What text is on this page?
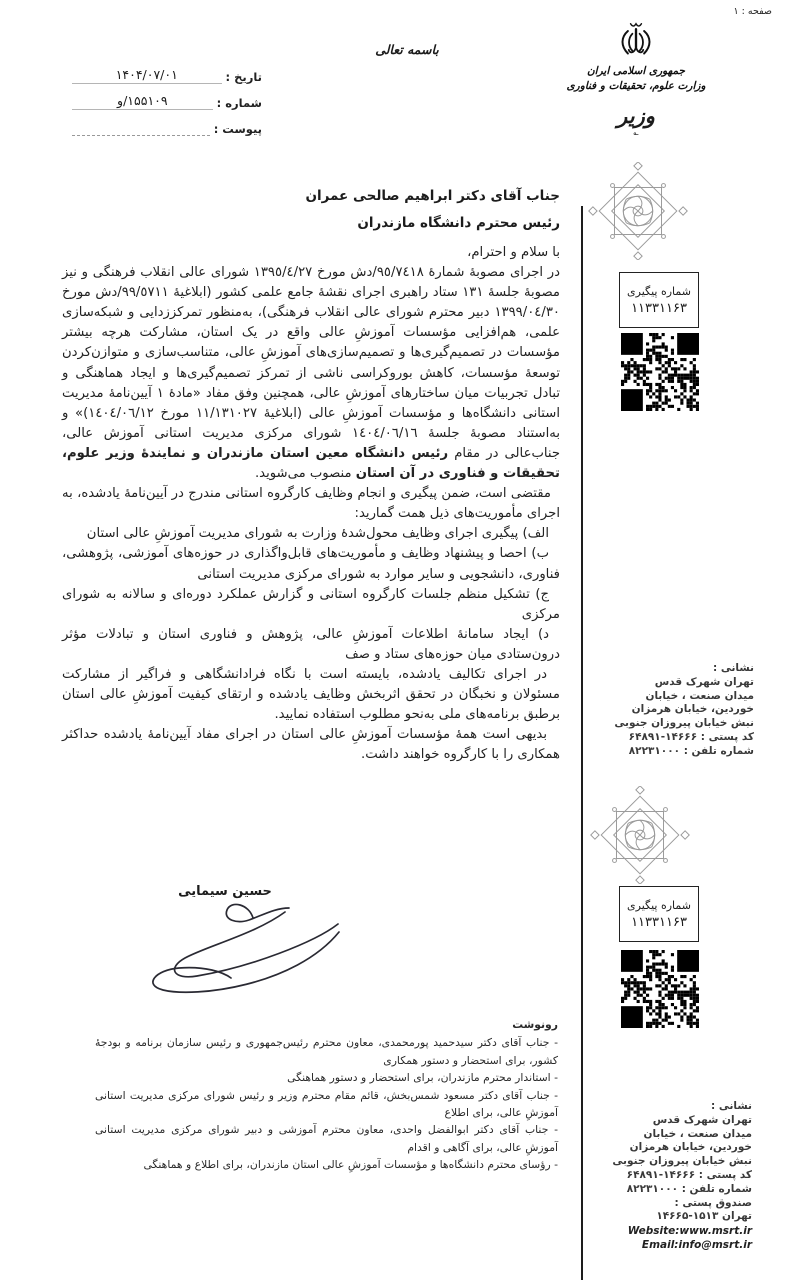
صفحه : ۱
باسمه تعالی
تاریخ :
۱۴۰۴/۰۷/۰۱
شماره :
۱۵۵۱۰۹/و
پیوست :
جمهوری اسلامی ایران
وزارت علوم، تحقیقات و فناوری
وزیر
؎
شماره پیگیری
۱۱۳۳۱۱۶۳
نشانی :
تهران شهرک قدس
میدان صنعت ، خیابان
خوردین، خیابان هرمزان
نبش خیابان پیروزان جنوبی
کد پستی : ۱۴۶۶۶-۶۴۸۹۱
شماره تلفن : ۸۲۲۳۱۰۰۰
شماره پیگیری
۱۱۳۳۱۱۶۳
نشانی :
تهران شهرک قدس
میدان صنعت ، خیابان
خوردین، خیابان هرمزان
نبش خیابان پیروزان جنوبی
کد پستی : ۱۴۶۶۶-۶۴۸۹۱
شماره تلفن : ۸۲۲۳۱۰۰۰
صندوق پستی :
تهران ۱۵۱۳-۱۴۶۶۵
Website:www.msrt.ir
Email:info@msrt.ir
جناب آقای دکتر ابراهیم صالحی عمران
رئیس محترم دانشگاه مازندران

با سلام و احترام،

در اجرای مصوبهٔ شمارهٔ ٩٥/٧٤١٨/دش مورخ ١٣٩٥/٤/٢٧ شورای عالی انقلاب فرهنگی و نیز مصوبهٔ جلسهٔ ١٣١ ستاد راهبری اجرای نقشهٔ جامع علمی کشور (ابلاغیهٔ ٩٩/٥٧١١/دش مورخ ١٣٩٩/٠٤/٣٠ دبیر محترم شورای عالی انقلاب فرهنگی)، به‌منظور تمرکززدایی و شبکه‌سازی علمی، هم‌افزایی مؤسسات آموزشِ عالی واقع در یک استان، مشارکت هرچه بیشتر مؤسسات در تصمیم‌گیری‌ها و تصمیم‌سازی‌های آموزشِ عالی، متناسب‌سازی و متوازن‌کردن توسعهٔ مؤسسات، کاهش بوروکراسی ناشی از تمرکز تصمیم‌گیری‌ها و ایجاد هماهنگی و تبادل تجربیات میان ساختارهای آموزشِ عالی، همچنین وفق مفاد «مادهٔ ١ آیین‌نامهٔ مدیریت استانی دانشگاه‌ها و مؤسسات آموزشِ عالی (ابلاغیهٔ ١١/١٣١٠٢٧ مورخ ١٤٠٤/٠٦/١٢)» و به‌استناد مصوبهٔ جلسهٔ ١٤٠٤/٠٦/١٦ شورای مرکزی مدیریت استانی آموزش عالی، جناب‌عالی در مقام رئیس دانشگاه معین استان مازندران و نمایندهٔ وزیر علوم، تحقیقات و فناوری در آن استان منصوب می‌شوید.

مقتضی است، ضمن پیگیری و انجام وظایف کارگروه استانی مندرج در آیین‌نامهٔ یادشده، به اجرای مأموریت‌های ذیل همت گمارید:

الف) پیگیری اجرای وظایف محول‌شدهٔ وزارت به شورای مدیریت آموزشِ عالی استان

ب) احصا و پیشنهاد وظایف و مأموریت‌های قابل‌واگذاری در حوزه‌های آموزشی، پژوهشی، فناوری، دانشجویی و سایر موارد به شورای مرکزی مدیریت استانی

ج) تشکیل منظم جلسات کارگروه استانی و گزارش عملکرد دوره‌ای و سالانه به شورای مرکزی

د) ایجاد سامانهٔ اطلاعات آموزشِ عالی، پژوهش و فناوری استان و تبادلات مؤثر درون‌ستادی میان حوزه‌های ستاد و صف

در اجرای تکالیف یادشده، بایسته است با نگاه فرادانشگاهی و فراگیر از مشارکت مسئولان و نخبگان در تحقق اثربخش وظایف یادشده و ارتقای کیفیت آموزشِ عالی استان برطبق برنامه‌های ملی به‌نحو مطلوب استفاده نمایید.

بدیهی است همهٔ مؤسسات آموزشِ عالی استان در اجرای مفاد آیین‌نامهٔ یادشده حداکثر همکاری را با کارگروه خواهند داشت.

حسین سیمایی
رونوشت
- جناب آقای دکتر سیدحمید پورمحمدی، معاون محترم رئیس‌جمهوری و رئیس سازمان برنامه و بودجهٔ کشور، برای استحضار و دستور همکاری
- استاندار محترم مازندران، برای استحضار و دستور هماهنگی
- جناب آقای دکتر مسعود شمس‌بخش، قائم مقام محترم وزیر و رئیس شورای مرکزی مدیریت استانی آموزشِ عالی، برای اطلاع
- جناب آقای دکتر ابوالفضل واحدی، معاون محترم آموزشی و دبیر شورای مرکزی مدیریت استانی آموزشِ عالی، برای آگاهی و اقدام
- رؤسای محترم دانشگاه‌ها و مؤسسات آموزشِ عالی استان مازندران، برای اطلاع و هماهنگی
